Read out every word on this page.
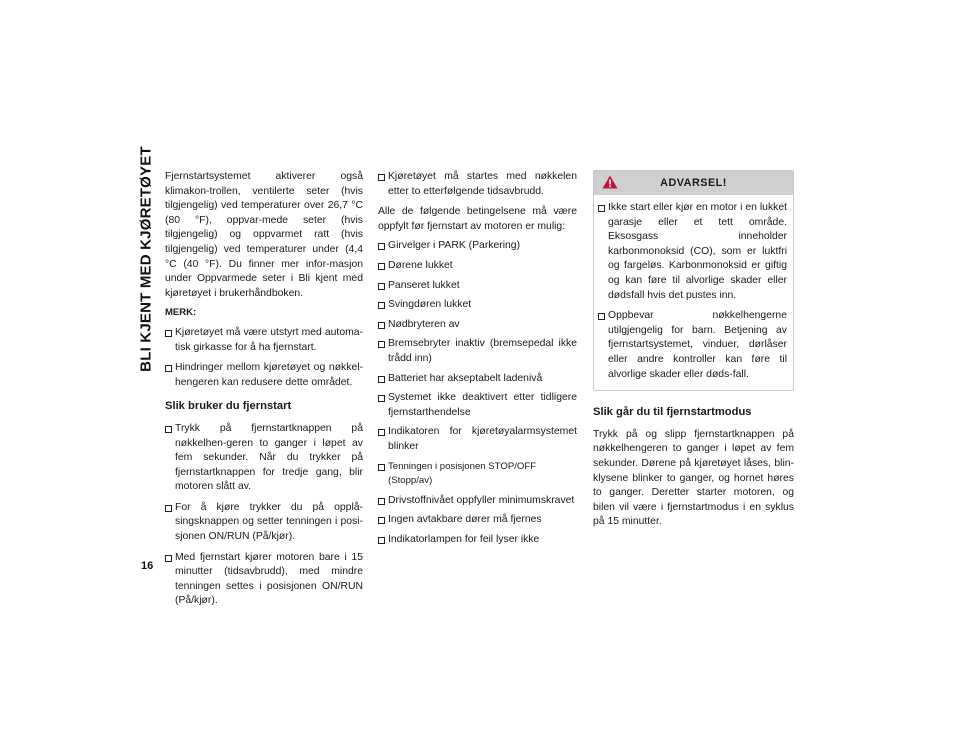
BLI KJENT MED KJØRETØYET
16

Fjernstartsystemet aktiverer også klimakon-trollen, ventilerte seter (hvis tilgjengelig) ved temperaturer over 26,7 °C (80 °F), oppvar-mede seter (hvis tilgjengelig) og oppvarmet ratt (hvis tilgjengelig) ved temperaturer under (4,4 °C (40 °F). Du finner mer infor-masjon under Oppvarmede seter i Bli kjent med kjøretøyet i brukerhåndboken.

MERK:

Kjøretøyet må være utstyrt med automa-tisk girkasse for å ha fjernstart.
Hindringer mellom kjøretøyet og nøkkel-hengeren kan redusere dette området.
Slik bruker du fjernstart
Trykk på fjernstartknappen på nøkkelhen-geren to ganger i løpet av fem sekunder. Når du trykker på fjernstartknappen for tredje gang, blir motoren slått av.
For å kjøre trykker du på opplå-singsknappen og setter tenningen i posi-sjonen ON/RUN (På/kjør).
Med fjernstart kjører motoren bare i 15 minutter (tidsavbrudd), med mindre tenningen settes i posisjonen ON/RUN (På/kjør).
Kjøretøyet må startes med nøkkelen etter to etterfølgende tidsavbrudd.

Alle de følgende betingelsene må være oppfylt før fjernstart av motoren er mulig:

Girvelger i PARK (Parkering)
Dørene lukket
Panseret lukket
Svingdøren lukket
Nødbryteren av
Bremsebryter inaktiv (bremsepedal ikke trådd inn)
Batteriet har akseptabelt ladenivå
Systemet ikke deaktivert etter tidligere fjernstarthendelse
Indikatoren for kjøretøyalarmsystemet blinker
Tenningen i posisjonen STOP/OFF (Stopp/av)
Drivstoffnivået oppfyller minimumskravet
Ingen avtakbare dører må fjernes
Indikatorlampen for feil lyser ikke
ADVARSEL!
Ikke start eller kjør en motor i en lukket garasje eller et tett område. Eksosgass inneholder karbonmonoksid (CO), som er luktfri og fargeløs. Karbonmonoksid er giftig og kan føre til alvorlige skader eller dødsfall hvis det pustes inn.
Oppbevar nøkkelhengerne utilgjengelig for barn. Betjening av fjernstartsystemet, vinduer, dørlåser eller andre kontroller kan føre til alvorlige skader eller døds-fall.
Slik går du til fjernstartmodus

Trykk på og slipp fjernstartknappen på nøkkelhengeren to ganger i løpet av fem sekunder. Dørene på kjøretøyet låses, blin-klysene blinker to ganger, og hornet høres to ganger. Deretter starter motoren, og bilen vil være i fjernstartmodus i en syklus på 15 minutter.
